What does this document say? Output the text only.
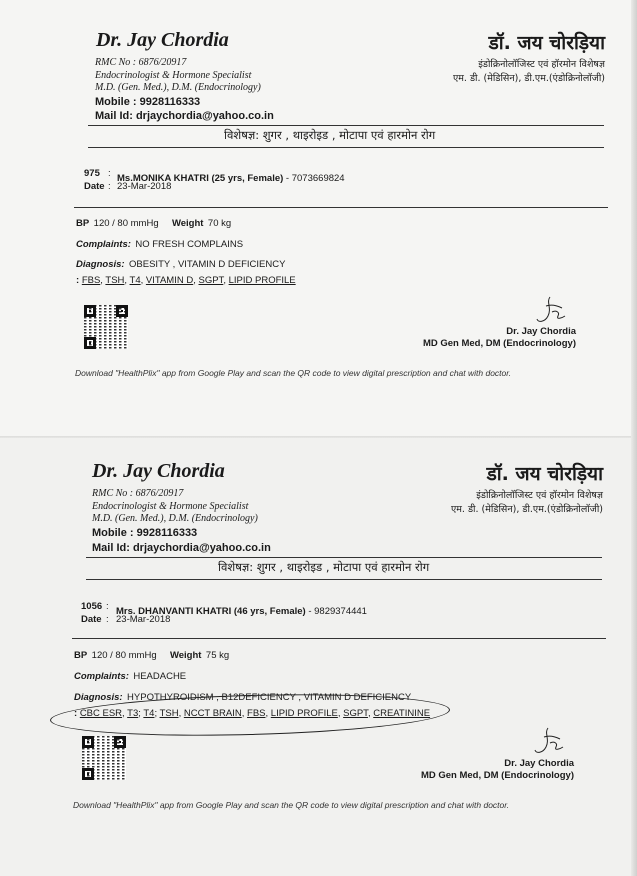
Dr. Jay Chordia
RMC No : 6876/20917
Endocrinologist & Hormone Specialist
M.D. (Gen. Med.), D.M. (Endocrinology)
Mobile : 9928116333
Mail Id: drjaychordia@yahoo.co.in
डॉ. जय चोरड़िया
इंडोक्रिनोलॉजिस्ट एवं हॉरमोन विशेषज्ञ
एम. डी. (मेडिसिन), डी.एम.(एंडोक्रिनोलॉजी)
विशेषज्ञ: शुगर , थाइरोइड , मोटापा एवं हारमोन रोग
975 : Ms.MONIKA KHATRI (25 yrs, Female) - 7073669824
Date : 23-Mar-2018
BP 120 / 80 mmHg Weight 70 kg
Complaints: NO FRESH COMPLAINS
Diagnosis: OBESITY , VITAMIN D DEFICIENCY
: FBS, TSH, T4, VITAMIN D, SGPT, LIPID PROFILE
Dr. Jay Chordia
MD Gen Med, DM (Endocrinology)
Download "HealthPlix" app from Google Play and scan the QR code to view digital prescription and chat with doctor.
Dr. Jay Chordia
RMC No : 6876/20917
Endocrinologist & Hormone Specialist
M.D. (Gen. Med.), D.M. (Endocrinology)
Mobile : 9928116333
Mail Id: drjaychordia@yahoo.co.in
डॉ. जय चोरड़िया
इंडोक्रिनोलॉजिस्ट एवं हॉरमोन विशेषज्ञ
एम. डी. (मेडिसिन), डी.एम.(एंडोक्रिनोलॉजी)
विशेषज्ञ: शुगर , थाइरोइड , मोटापा एवं हारमोन रोग
1056 : Mrs. DHANVANTI KHATRI (46 yrs, Female) - 9829374441
Date : 23-Mar-2018
BP 120 / 80 mmHg Weight 75 kg
Complaints: HEADACHE
Diagnosis: HYPOTHYROIDISM , B12DEFICIENCY , VITAMIN D DEFICIENCY
: CBC ESR, T3; T4; TSH, NCCT BRAIN, FBS, LIPID PROFILE, SGPT, CREATININE
Dr. Jay Chordia
MD Gen Med, DM (Endocrinology)
Download "HealthPlix" app from Google Play and scan the QR code to view digital prescription and chat with doctor.
